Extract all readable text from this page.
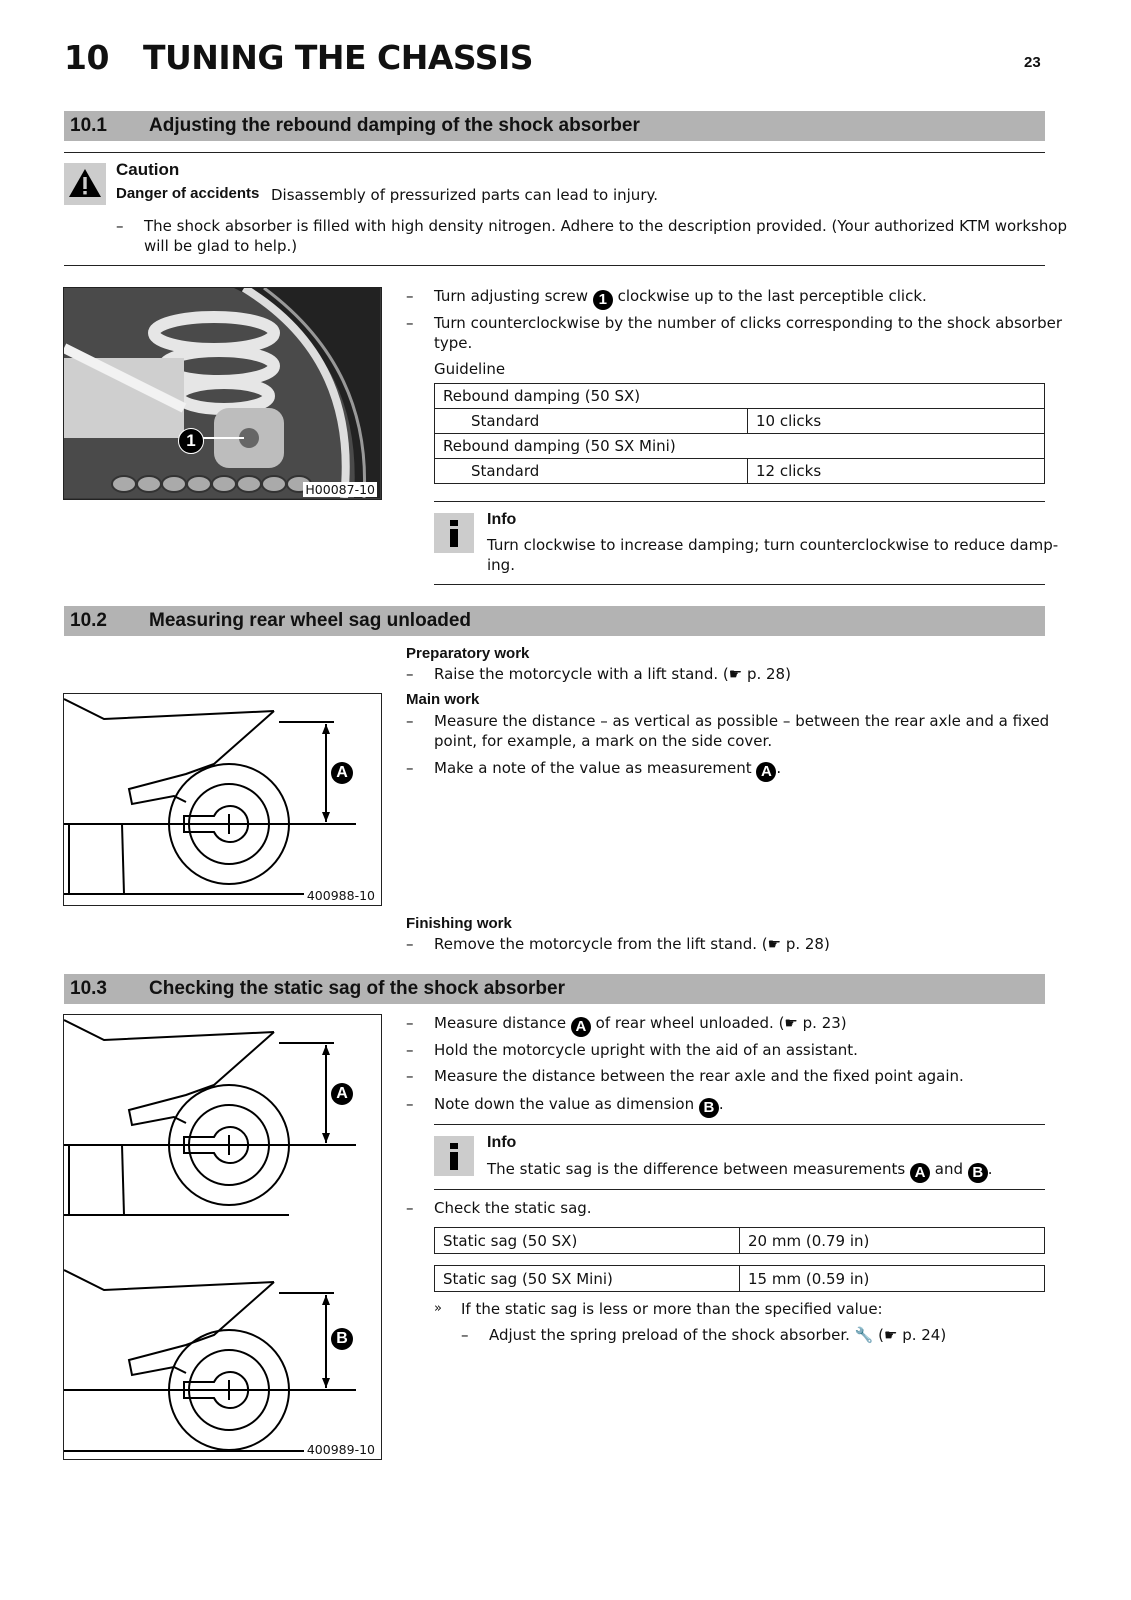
10 TUNING THE CHASSIS	23
10.1 Adjusting the rebound damping of the shock absorber
Caution
Danger of accidents Disassembly of pressurized parts can lead to injury.
– The shock absorber is filled with high density nitrogen. Adhere to the description provided. (Your authorized KTM workshop
will be glad to help.)
1
H00087-10
– Turn adjusting screw 1 clockwise up to the last perceptible click.
– Turn counterclockwise by the number of clicks corresponding to the shock absorber
type.
Guideline
Rebound damping (50 SX)	
Standard	10 clicks
Rebound damping (50 SX Mini)	
Standard	12 clicks
Info
Turn clockwise to increase damping; turn counterclockwise to reduce damp-
ing.
10.2 Measuring rear wheel sag unloaded
Preparatory work
– Raise the motorcycle with a lift stand. (☛ p. 28)
Main work
– Measure the distance – as vertical as possible – between the rear axle and a fixed
point, for example, a mark on the side cover.
– Make a note of the value as measurement A .
A
400988-10
Finishing work
– Remove the motorcycle from the lift stand. (☛ p. 28)
10.3 Checking the static sag of the shock absorber
A
B
400989-10
– Measure distance A of rear wheel unloaded. (☛ p. 23)
– Hold the motorcycle upright with the aid of an assistant.
– Measure the distance between the rear axle and the fixed point again.
– Note down the value as dimension B .
Info
The static sag is the difference between measurements A and B .
– Check the static sag.
Static sag (50 SX)	20 mm (0.79 in)
Static sag (50 SX Mini)	15 mm (0.59 in)
» If the static sag is less or more than the specified value:
– Adjust the spring preload of the shock absorber. 🔧 (☛ p. 24)
